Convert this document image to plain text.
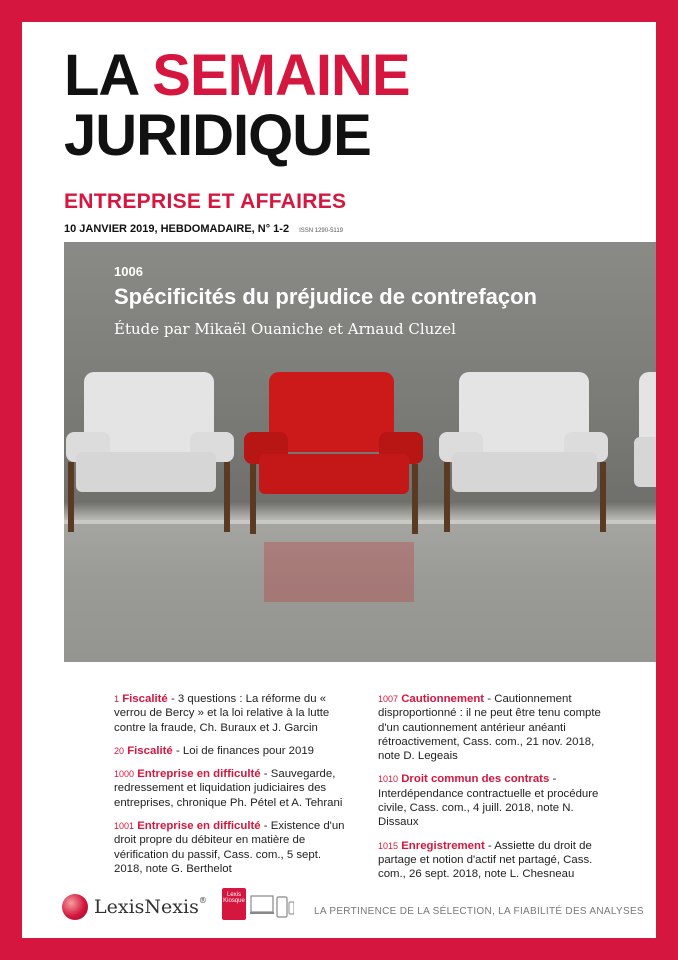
LA SEMAINE
JURIDIQUE
ENTREPRISE ET AFFAIRES
10 JANVIER 2019, HEBDOMADAIRE, N° 1-2 ISSN 1290-5119
1006
Spécificités du préjudice de contrefaçon
Étude par Mikaël Ouaniche et Arnaud Cluzel
1 Fiscalité - 3 questions : La réforme du « verrou de Bercy » et la loi relative à la lutte contre la fraude, Ch. Buraux et J. Garcin
20 Fiscalité - Loi de finances pour 2019
1000 Entreprise en difficulté - Sauvegarde, redressement et liquidation judiciaires des entreprises, chronique Ph. Pétel et A. Tehrani
1001 Entreprise en difficulté - Existence d'un droit propre du débiteur en matière de vérification du passif, Cass. com., 5 sept. 2018, note G. Berthelot
1007 Cautionnement - Cautionnement disproportionné : il ne peut être tenu compte d'un cautionnement antérieur anéanti rétroactivement, Cass. com., 21 nov. 2018, note D. Legeais
1010 Droit commun des contrats - Interdépendance contractuelle et procédure civile, Cass. com., 4 juill. 2018, note N. Dissaux
1015 Enregistrement - Assiette du droit de partage et notion d'actif net partagé, Cass. com., 26 sept. 2018, note L. Chesneau
LexisNexis®
Lexis Kiosque
LA PERTINENCE DE LA SÉLECTION, LA FIABILITÉ DES ANALYSES
